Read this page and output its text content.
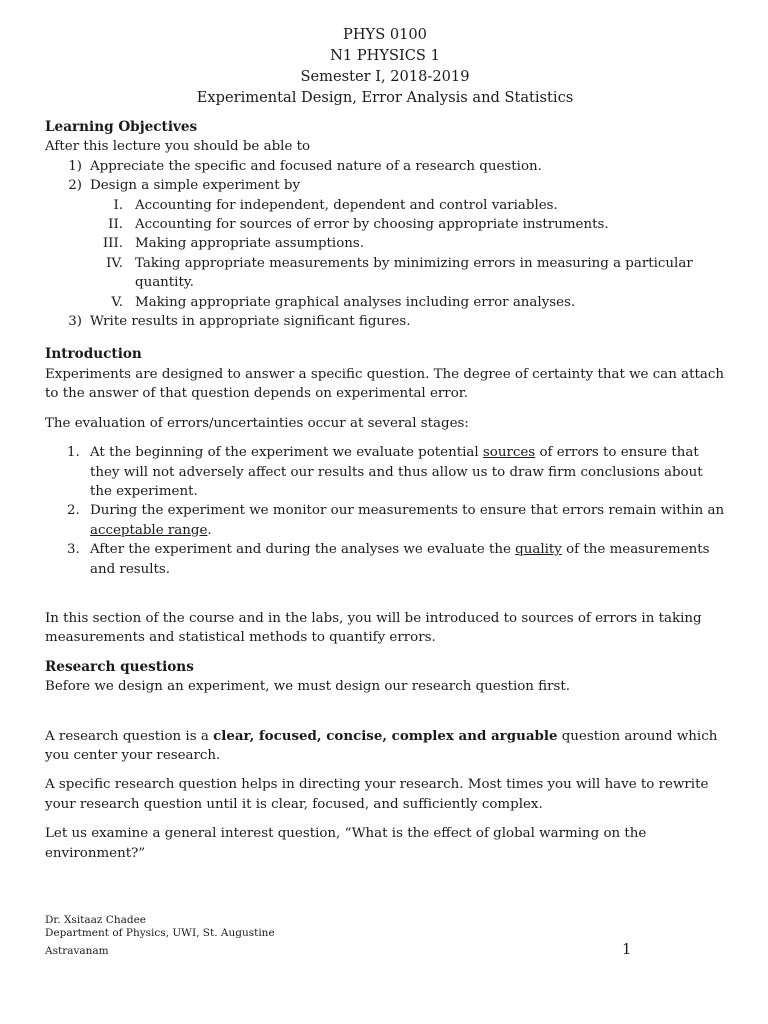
PHYS 0100
N1 PHYSICS 1
Semester I, 2018-2019
Experimental Design, Error Analysis and Statistics
Learning Objectives

After this lecture you should be able to

1) Appreciate the specific and focused nature of a research question.
2) Design a simple experiment by
I. Accounting for independent, dependent and control variables.
II. Accounting for sources of error by choosing appropriate instruments.
III. Making appropriate assumptions.
IV. Taking appropriate measurements by minimizing errors in measuring a particular quantity.
V. Making appropriate graphical analyses including error analyses.
3) Write results in appropriate significant figures.
Introduction

Experiments are designed to answer a specific question. The degree of certainty that we can attach to the answer of that question depends on experimental error.

The evaluation of errors/uncertainties occur at several stages:

1. At the beginning of the experiment we evaluate potential sources of errors to ensure that they will not adversely affect our results and thus allow us to draw firm conclusions about the experiment.
2. During the experiment we monitor our measurements to ensure that errors remain within an acceptable range.
3. After the experiment and during the analyses we evaluate the quality of the measurements and results.

In this section of the course and in the labs, you will be introduced to sources of errors in taking measurements and statistical methods to quantify errors.

Research questions

Before we design an experiment, we must design our research question first.

A research question is a clear, focused, concise, complex and arguable question around which you center your research.

A specific research question helps in directing your research. Most times you will have to rewrite your research question until it is clear, focused, and sufficiently complex.

Let us examine a general interest question, “What is the effect of global warming on the environment?”

Dr. Xsitaaz Chadee
Department of Physics, UWI, St. Augustine
Astravanam	1
